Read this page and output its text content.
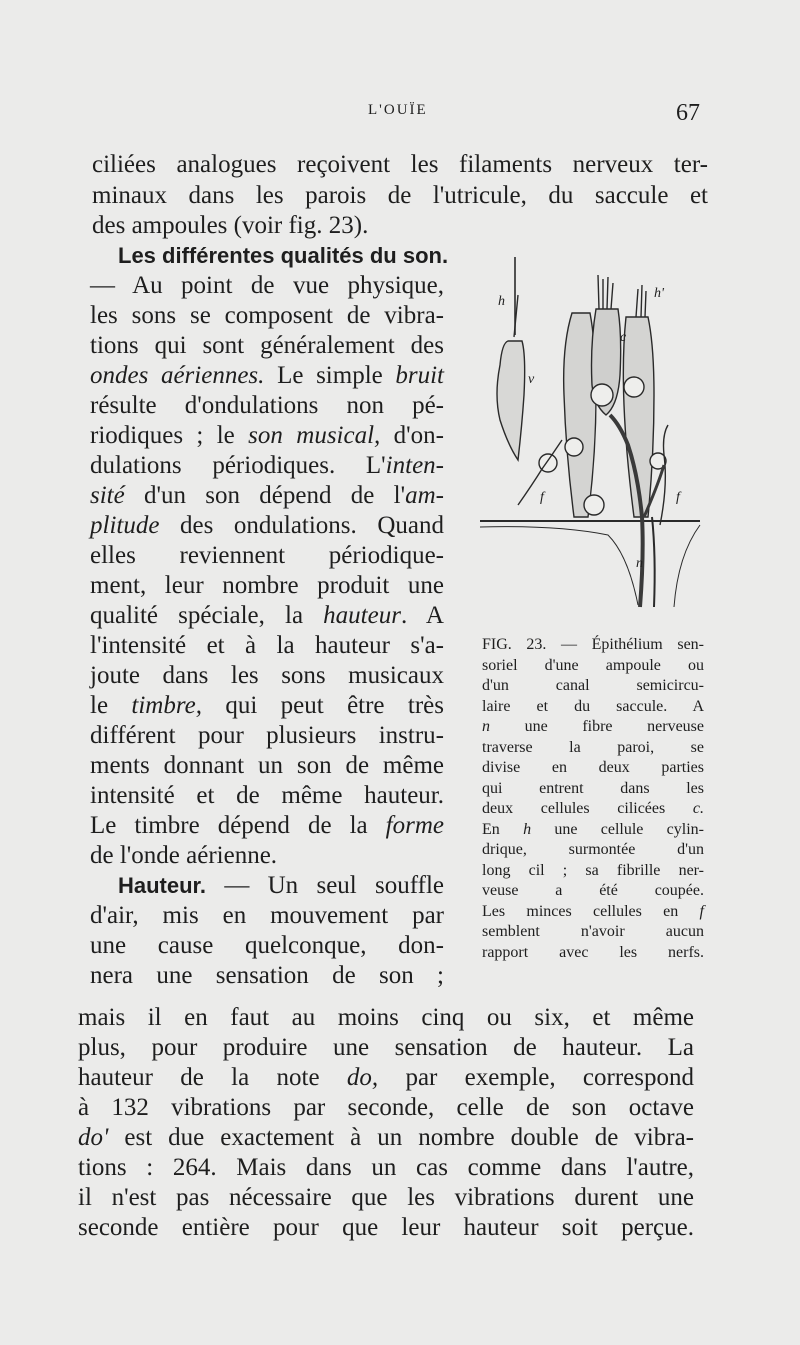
L'OUÏE	67
ciliées analogues reçoivent les filaments nerveux ter-
minaux dans les parois de l'utricule, du saccule et
des ampoules (voir fig. 23).
Les différentes qualités du son.
— Au point de vue physique,
les sons se composent de vibra-
tions qui sont généralement des
ondes aériennes. Le simple bruit
résulte d'ondulations non pé-
riodiques ; le son musical, d'on-
dulations périodiques. L'inten-
sité d'un son dépend de l'am-
plitude des ondulations. Quand
elles reviennent périodique-
ment, leur nombre produit une
qualité spéciale, la hauteur. A
l'intensité et à la hauteur s'a-
joute dans les sons musicaux
le timbre, qui peut être très
différent pour plusieurs instru-
ments donnant un son de même
intensité et de même hauteur.
Le timbre dépend de la forme
de l'onde aérienne.
Hauteur. — Un seul souffle
d'air, mis en mouvement par
une cause quelconque, don-
nera une sensation de son ;
mais il en faut au moins cinq ou six, et même
plus, pour produire une sensation de hauteur. La
hauteur de la note do, par exemple, correspond
à 132 vibrations par seconde, celle de son octave
do' est due exactement à un nombre double de vibra-
tions : 264. Mais dans un cas comme dans l'autre,
il n'est pas nécessaire que les vibrations durent une
seconde entière pour que leur hauteur soit perçue.
h
h'
c
v
f	f
n
FIG. 23. — Épithélium sen-
soriel d'une ampoule ou
d'un canal semicircu-
laire et du saccule. A
n une fibre nerveuse
traverse la paroi, se
divise en deux parties
qui entrent dans les
deux cellules cilicées c.
En h une cellule cylin-
drique, surmontée d'un
long cil ; sa fibrille ner-
veuse a été coupée.
Les minces cellules en f
semblent n'avoir aucun
rapport avec les nerfs.
